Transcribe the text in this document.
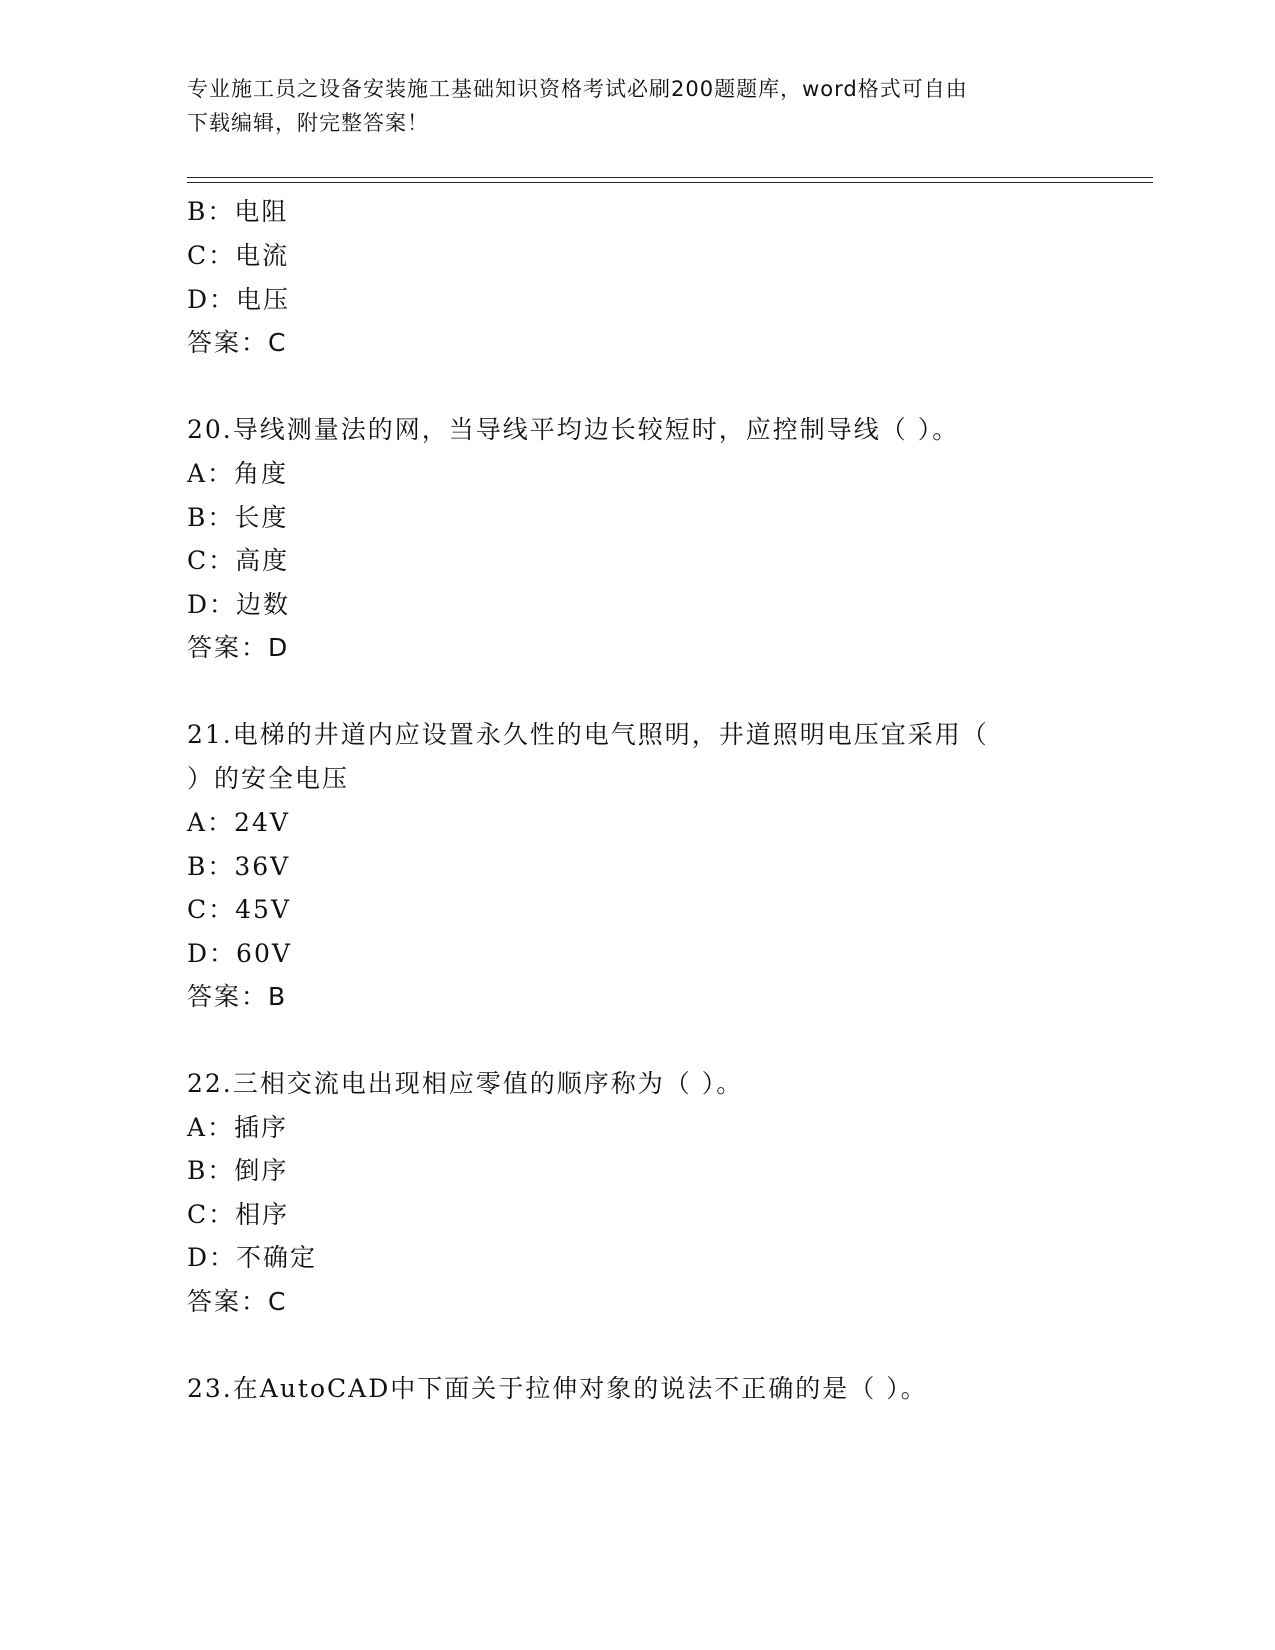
专业施工员之设备安装施工基础知识资格考试必刷200题题库，word格式可自由
下载编辑，附完整答案！
B：电阻
C：电流
D：电压
答案：C
20.导线测量法的网，当导线平均边长较短时，应控制导线（ ）。
A：角度
B：长度
C：高度
D：边数
答案：D
21.电梯的井道内应设置永久性的电气照明，井道照明电压宜采用（
）的安全电压
A：24V
B：36V
C：45V
D：60V
答案：B
22.三相交流电出现相应零值的顺序称为（ ）。
A：插序
B：倒序
C：相序
D：不确定
答案：C
23.在AutoCAD中下面关于拉伸对象的说法不正确的是（ ）。
